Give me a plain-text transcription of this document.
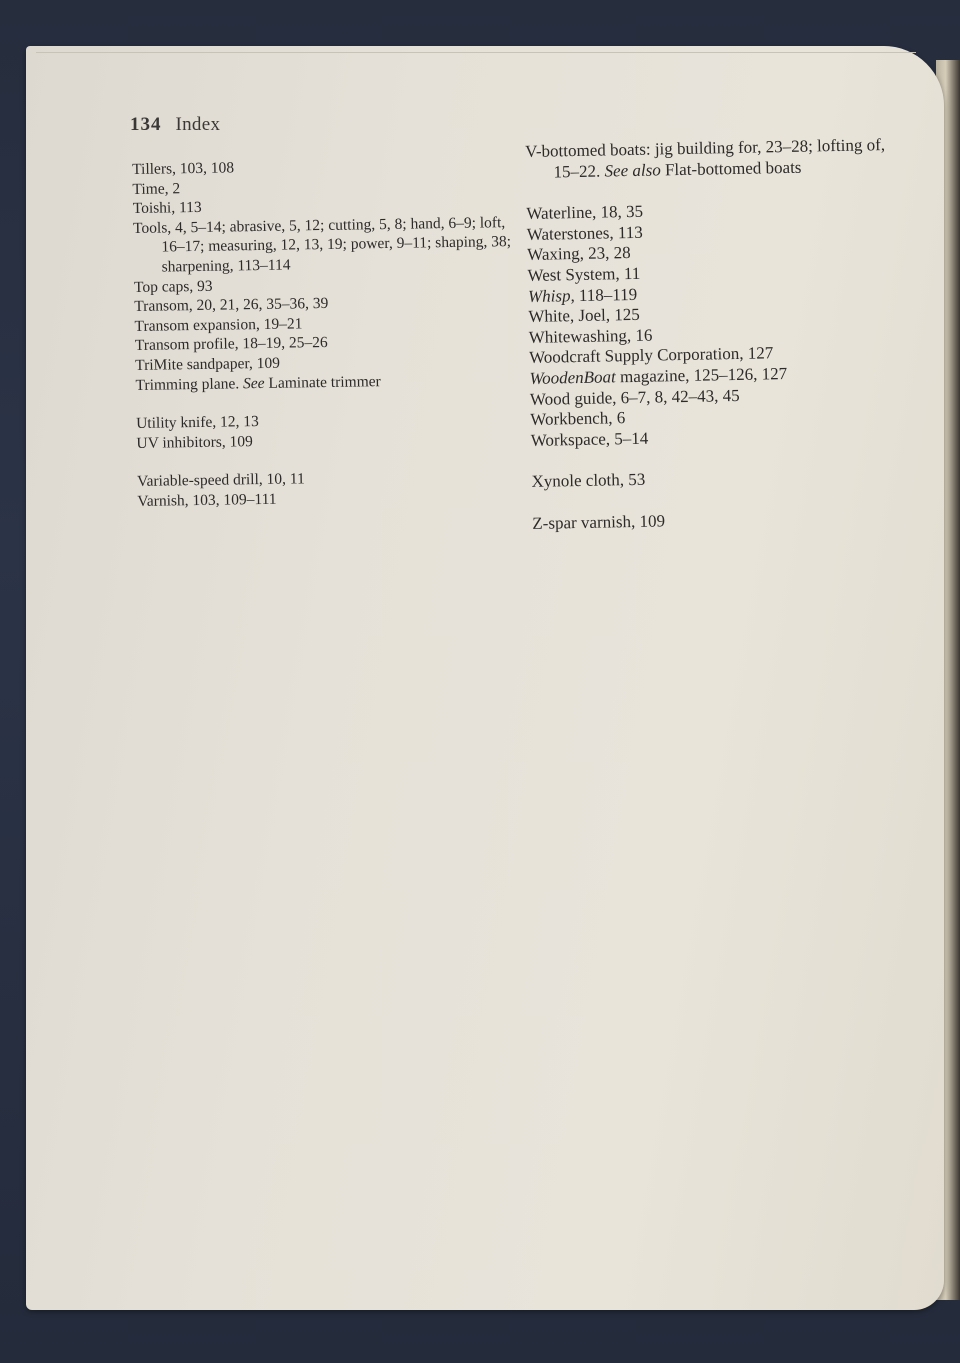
134 Index
Tillers, 103, 108
Time, 2
Toishi, 113
Tools, 4, 5–14; abrasive, 5, 12; cutting, 5, 8; hand, 6–9; loft, 16–17; measuring, 12, 13, 19; power, 9–11; shaping, 38; sharpening, 113–114
Top caps, 93
Transom, 20, 21, 26, 35–36, 39
Transom expansion, 19–21
Transom profile, 18–19, 25–26
TriMite sandpaper, 109
Trimming plane. See Laminate trimmer
Utility knife, 12, 13
UV inhibitors, 109
Variable-speed drill, 10, 11
Varnish, 103, 109–111
V-bottomed boats: jig building for, 23–28; lofting of, 15–22. See also Flat-bottomed boats
Waterline, 18, 35
Waterstones, 113
Waxing, 23, 28
West System, 11
Whisp, 118–119
White, Joel, 125
Whitewashing, 16
Woodcraft Supply Corporation, 127
WoodenBoat magazine, 125–126, 127
Wood guide, 6–7, 8, 42–43, 45
Workbench, 6
Workspace, 5–14
Xynole cloth, 53
Z-spar varnish, 109
